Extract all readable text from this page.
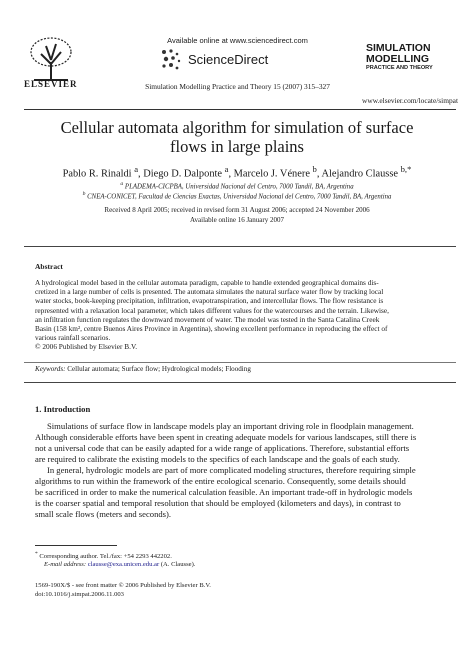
ELSEVIER
Available online at www.sciencedirect.com
ScienceDirect
Simulation Modelling Practice and Theory 15 (2007) 315–327
SIMULATION
MODELLING
PRACTICE AND THEORY
www.elsevier.com/locate/simpat
Cellular automata algorithm for simulation of surface
flows in large plains
Pablo R. Rinaldi $^a$, Diego D. Dalponte $^a$, Marcelo J. Vénere $^b$, Alejandro Clausse $^{b,*}$
$^a$ PLADEMA-CICPBA, Universidad Nacional del Centro, 7000 Tandil, BA, Argentina
$^b$ CNEA-CONICET, Facultad de Ciencias Exactas, Universidad Nacional del Centro, 7000 Tandil, BA, Argentina
Received 8 April 2005; received in revised form 31 August 2006; accepted 24 November 2006
Available online 16 January 2007
Abstract
A hydrological model based in the cellular automata paradigm, capable to handle extended geographical domains dis-
cretized in a large number of cells is presented. The automata simulates the natural surface water flow by tracking local
water stocks, book-keeping precipitation, infiltration, evapotranspiration, and intercellular flows. The flow resistance is
represented with a relaxation local parameter, which takes different values for the watercourses and the terrain. Likewise,
an infiltration function regulates the downward movement of water. The model was tested in the Santa Catalina Creek
Basin (158 km², centre Buenos Aires Province in Argentina), showing excellent performance in reproducing the effect of
various rainfall scenarios.
© 2006 Published by Elsevier B.V.
Keywords: Cellular automata; Surface flow; Hydrological models; Flooding
1. Introduction
Simulations of surface flow in landscape models play an important driving role in floodplain management.
Although considerable efforts have been spent in creating adequate models for various landscapes, still there is
not a universal code that can be easily adapted for a wide range of applications. Therefore, substantial efforts
are required to calibrate the existing models to the specifics of each landscape and the goals of each study.
In general, hydrologic models are part of more complicated modeling structures, therefore requiring simple
algorithms to run within the framework of the entire ecological scenario. Consequently, some details should
be sacrificed in order to make the numerical calculation feasible. An important trade-off in hydrologic models
is the coarser spatial and temporal resolution that should be employed (kilometers and days), in contrast to
small scale flows (meters and seconds).
* Corresponding author. Tel./fax: +54 2293 442202.
E-mail address: clausse@exa.unicen.edu.ar (A. Clausse).
1569-190X/$ - see front matter © 2006 Published by Elsevier B.V.
doi:10.1016/j.simpat.2006.11.003
